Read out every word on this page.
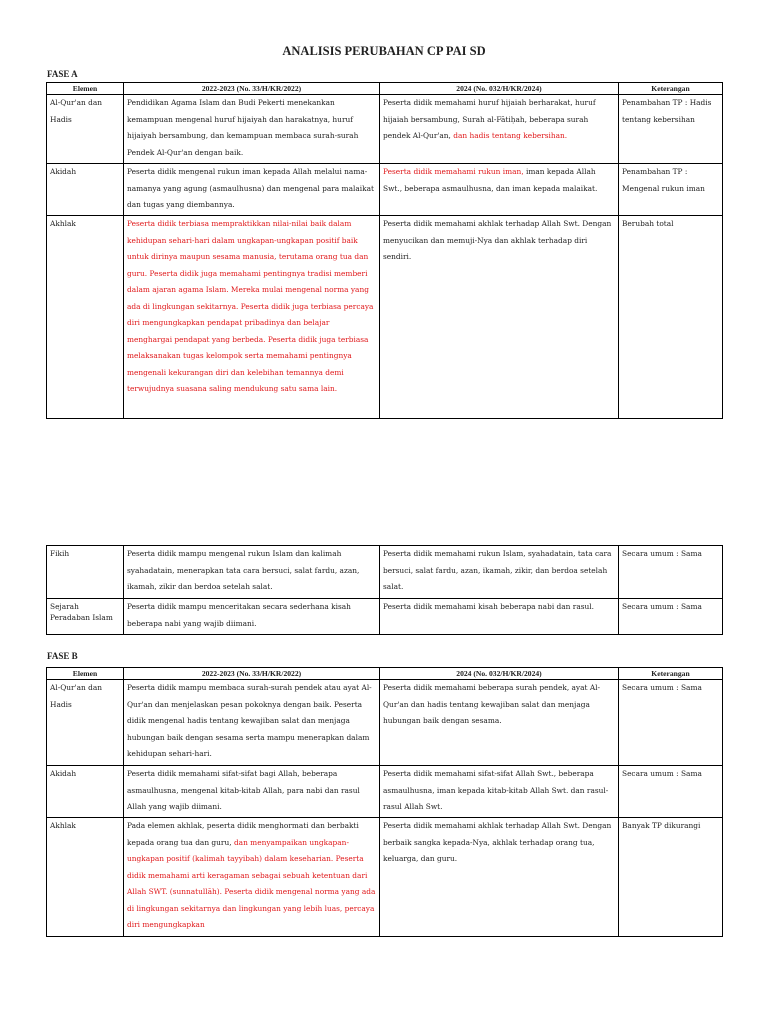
ANALISIS PERUBAHAN CP PAI SD
FASE A
Elemen	2022-2023 (No. 33/H/KR/2022)	2024 (No. 032/H/KR/2024)	Keterangan
Al-Qur'an dan Hadis	Pendidikan Agama Islam dan Budi Pekerti menekankan kemampuan mengenal huruf hijaiyah dan harakatnya, huruf hijaiyah bersambung, dan kemampuan membaca surah-surah Pendek Al-Qur'an dengan baik.	Peserta didik memahami huruf hijaiah berharakat, huruf hijaiah bersambung, Surah al-Fātiḥah, beberapa surah pendek Al-Qur'an, dan hadis tentang kebersihan.	Penambahan TP : Hadis tentang kebersihan
Akidah	Peserta didik mengenal rukun iman kepada Allah melalui nama-namanya yang agung (asmaulhusna) dan mengenal para malaikat dan tugas yang diembannya.	Peserta didik memahami rukun iman, iman kepada Allah Swt., beberapa asmaulhusna, dan iman kepada malaikat.	Penambahan TP : Mengenal rukun iman
Akhlak	Peserta didik terbiasa mempraktikkan nilai-nilai baik dalam kehidupan sehari-hari dalam ungkapan-ungkapan positif baik untuk dirinya maupun sesama manusia, terutama orang tua dan guru. Peserta didik juga memahami pentingnya tradisi memberi dalam ajaran agama Islam. Mereka mulai mengenal norma yang ada di lingkungan sekitarnya. Peserta didik juga terbiasa percaya diri mengungkapkan pendapat pribadinya dan belajar menghargai pendapat yang berbeda. Peserta didik juga terbiasa melaksanakan tugas kelompok serta memahami pentingnya mengenali kekurangan diri dan kelebihan temannya demi terwujudnya suasana saling mendukung satu sama lain.	Peserta didik memahami akhlak terhadap Allah Swt. Dengan menyucikan dan memuji-Nya dan akhlak terhadap diri sendiri.	Berubah total
Fikih	Peserta didik mampu mengenal rukun Islam dan kalimah syahadatain, menerapkan tata cara bersuci, salat fardu, azan, ikamah, zikir dan berdoa setelah salat.	Peserta didik memahami rukun Islam, syahadatain, tata cara bersuci, salat fardu, azan, ikamah, zikir, dan berdoa setelah salat.	Secara umum : Sama
Sejarah Peradaban Islam	Peserta didik mampu menceritakan secara sederhana kisah beberapa nabi yang wajib diimani.	Peserta didik memahami kisah beberapa nabi dan rasul.	Secara umum : Sama
FASE B
Elemen	2022-2023 (No. 33/H/KR/2022)	2024 (No. 032/H/KR/2024)	Keterangan
Al-Qur'an dan Hadis	Peserta didik mampu membaca surah-surah pendek atau ayat Al-Qur'an dan menjelaskan pesan pokoknya dengan baik. Peserta didik mengenal hadis tentang kewajiban salat dan menjaga hubungan baik dengan sesama serta mampu menerapkan dalam kehidupan sehari-hari.	Peserta didik memahami beberapa surah pendek, ayat Al-Qur'an dan hadis tentang kewajiban salat dan menjaga hubungan baik dengan sesama.	Secara umum : Sama
Akidah	Peserta didik memahami sifat-sifat bagi Allah, beberapa asmaulhusna, mengenal kitab-kitab Allah, para nabi dan rasul Allah yang wajib diimani.	Peserta didik memahami sifat-sifat Allah Swt., beberapa asmaulhusna, iman kepada kitab-kitab Allah Swt. dan rasul-rasul Allah Swt.	Secara umum : Sama
Akhlak	Pada elemen akhlak, peserta didik menghormati dan berbakti kepada orang tua dan guru, dan menyampaikan ungkapan-ungkapan positif (kalimah tayyibah) dalam keseharian. Peserta didik memahami arti keragaman sebagai sebuah ketentuan dari Allah SWT. (sunnatullāh). Peserta didik mengenal norma yang ada di lingkungan sekitarnya dan lingkungan yang lebih luas, percaya diri mengungkapkan	Peserta didik memahami akhlak terhadap Allah Swt. Dengan berbaik sangka kepada-Nya, akhlak terhadap orang tua, keluarga, dan guru.	Banyak TP dikurangi
